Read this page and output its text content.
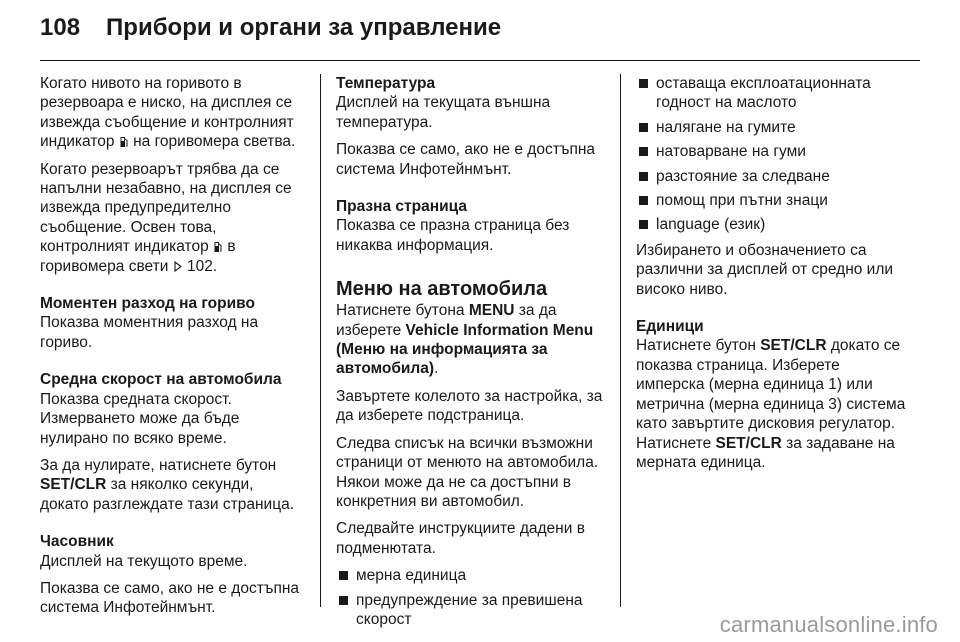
108 Прибори и органи за управление

Когато нивото на горивото в резервоара е ниско, на дисплея се извежда съобщение и контролният индикатор на горивомера светва.

Когато резервоарът трябва да се напълни незабавно, на дисплея се извежда предупредително съобщение. Освен това, контролният индикатор в горивомера свети 102.

Моментен разход на гориво

Показва моментния разход на гориво.

Средна скорост на автомобила

Показва средната скорост. Измерването може да бъде нулирано по всяко време.

За да нулирате, натиснете бутон SET/CLR за няколко секунди, докато разглеждате тази страница.

Часовник

Дисплей на текущото време.

Показва се само, ако не е достъпна система Инфотейнмънт.

Температура

Дисплей на текущата външна температура.

Показва се само, ако не е достъпна система Инфотейнмънт.

Празна страница

Показва се празна страница без никаква информация.

Меню на автомобила

Натиснете бутона MENU за да изберете Vehicle Information Menu (Меню на информацията за автомобила).

Завъртете колелото за настройка, за да изберете подстраница.

Следва списък на всички възможни страници от менюто на автомобила. Някои може да не са достъпни в конкретния ви автомобил.

Следвайте инструкциите дадени в подменютата.

мерна единица
предупреждение за превишена скорост
оставаща експлоатационната годност на маслото
налягане на гумите
натоварване на гуми
разстояние за следване
помощ при пътни знаци
language (език)

Избирането и обозначението са различни за дисплей от средно или високо ниво.

Единици

Натиснете бутон SET/CLR докато се показва страница. Изберете имперска (мерна единица 1) или метрична (мерна единица 3) система като завъртите дисковия регулатор. Натиснете SET/CLR за задаване на мерната единица.

carmanualsonline.info
